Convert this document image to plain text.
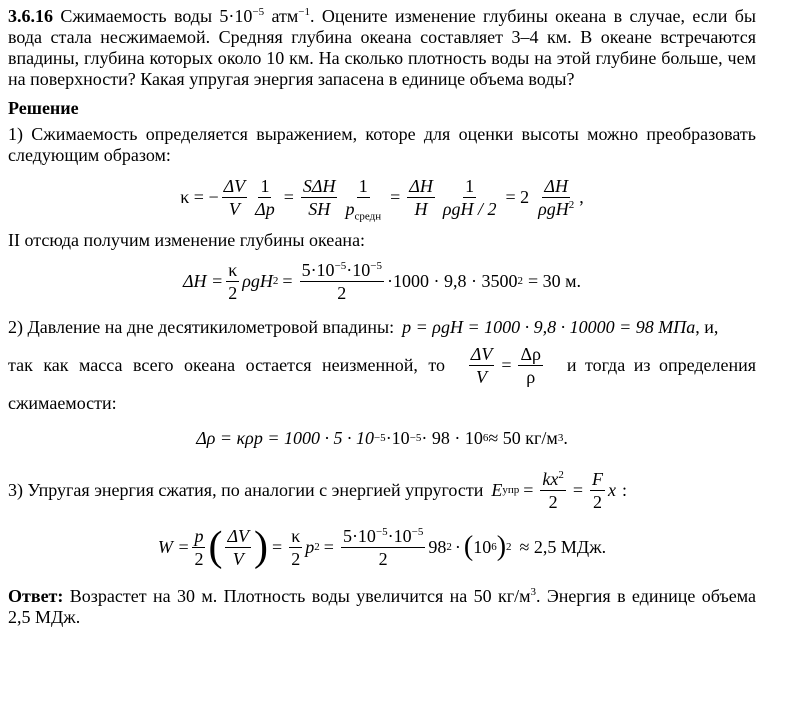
3.6.16 Сжимаемость воды $5\cdot 10^{-5}$ атм$^{-1}$. Оцените изменение глубины океана в случае, если бы вода стала несжимаемой. Средняя глубина океана составляет 3–4 км. В океане встречаются впадины, глубина которых около 10 км. На сколько плотность воды на этой глубине больше, чем на поверхности? Какая упругая энергия запасена в единице объема воды?

Решение

1) Сжимаемость определяется выражением, которе для оценки высоты можно преобразовать следующим образом:

κ = − $\frac{\Delta V}{V} \frac{1}{\Delta p} = \frac{\text{SΔH}}{SH} \frac{1}{p_{средн}} = \frac{\Delta H}{H} \frac{1}{\text{ρgH / 2}} = 2 \frac{\Delta H}{\rho gH^2}$ ,

II отсюда получим изменение глубины океана:

$\Delta H = \frac{\kappa}{2}$ ρgH $2 = \frac{5\cdot 10^{-5}\cdot 10^{-5}}{2} \cdot 1000 \cdot 9,8 \cdot 3500$ 2 = 30 м.
2) Давление на дне десятикилометровой впадины: p = ρgH = 1000 · 9,8 · 10000 = 98 МПа , и,
так как масса всего океана остается неизменной, то $\frac{\Delta V}{V} = \frac{\Delta\rho}{\rho}$ и тогда из определения

сжимаемости:

Δρ = κρp = 1000 · 5 · 10 −5 ·10 −5 · 98 · 10 6 ≈ 50 кг/м 3 .
3) Упругая энергия сжатия, по аналогии с энергией упругости E упр = $\frac{kx^2}{2} = \frac{F}{2}$ x :
$W = \frac{p}{2}$ ( $\frac{\Delta V}{V}$ ) = $\frac{\kappa}{2}$ p $2 = \frac{5\cdot 10^{-5}\cdot 10^{-5}}{2} 98$ 2 · ( 10 6 ) 2 ≈ 2,5 МДж.

Ответ: Возрастет на 30 м. Плотность воды увеличится на 50 $кг/м^3$. Энергия в единице объема 2,5 МДж.
